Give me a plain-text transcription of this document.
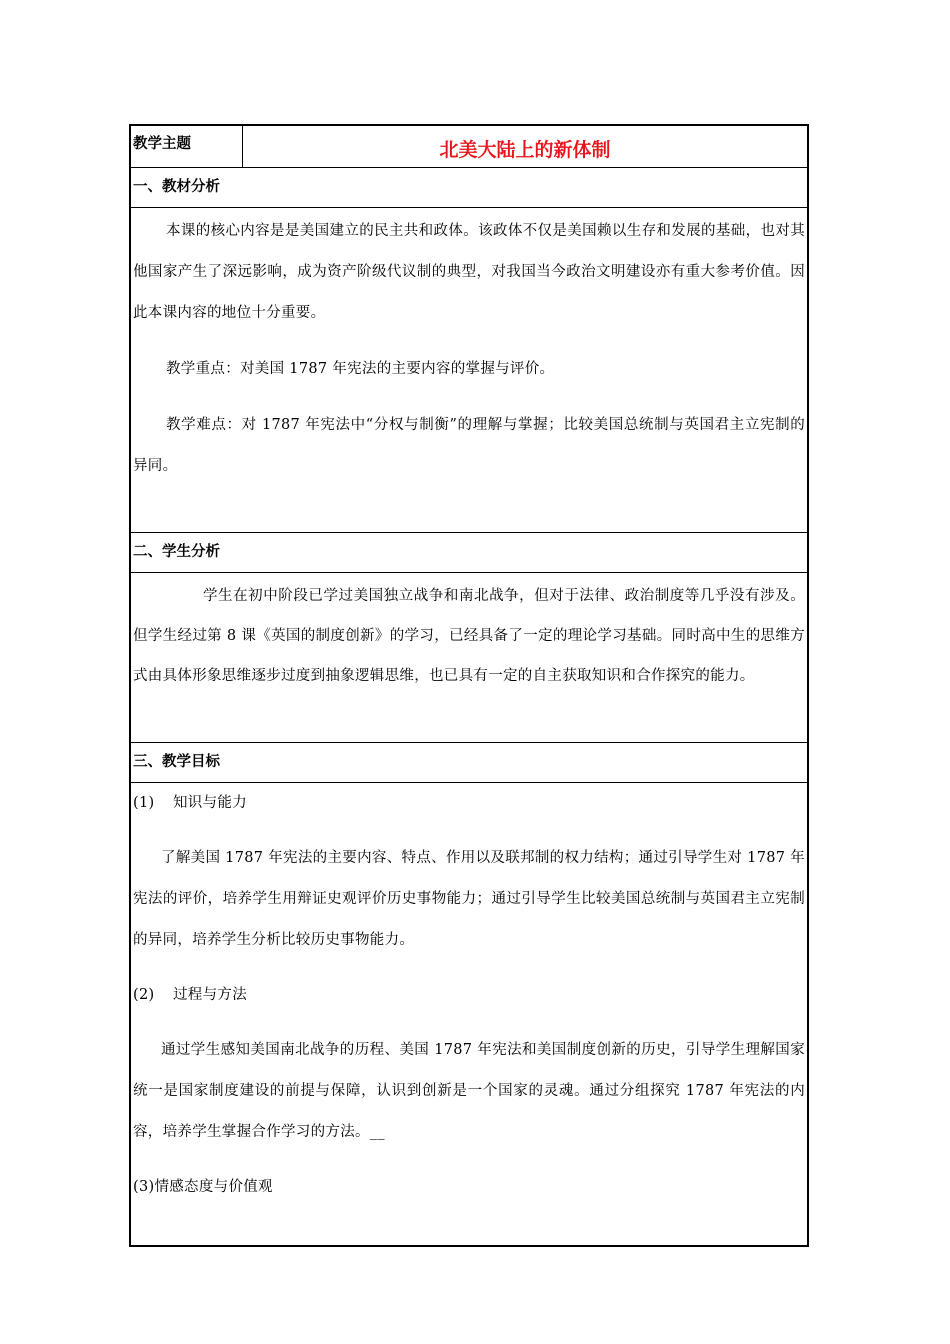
教学主题	北美大陆上的新体制
一、教材分析

本课的核心内容是是美国建立的民主共和政体。该政体不仅是美国赖以生存和发展的基础，也对其他国家产生了深远影响，成为资产阶级代议制的典型，对我国当今政治文明建设亦有重大参考价值。因此本课内容的地位十分重要。

教学重点：对美国 1787 年宪法的主要内容的掌握与评价。

教学难点：对 1787 年宪法中“分权与制衡”的理解与掌握；比较美国总统制与英国君主立宪制的异同。

二、学生分析

学生在初中阶段已学过美国独立战争和南北战争，但对于法律、政治制度等几乎没有涉及。但学生经过第 8 课《英国的制度创新》的学习，已经具备了一定的理论学习基础。同时高中生的思维方式由具体形象思维逐步过度到抽象逻辑思维，也已具有一定的自主获取知识和合作探究的能力。

三、教学目标

(1) 知识与能力

了解美国 1787 年宪法的主要内容、特点、作用以及联邦制的权力结构；通过引导学生对 1787 年宪法的评价，培养学生用辩证史观评价历史事物能力；通过引导学生比较美国总统制与英国君主立宪制的异同，培养学生分析比较历史事物能力。

(2) 过程与方法

通过学生感知美国南北战争的历程、美国 1787 年宪法和美国制度创新的历史，引导学生理解国家统一是国家制度建设的前提与保障，认识到创新是一个国家的灵魂。通过分组探究 1787 年宪法的内容，培养学生掌握合作学习的方法。__

(3)情感态度与价值观
